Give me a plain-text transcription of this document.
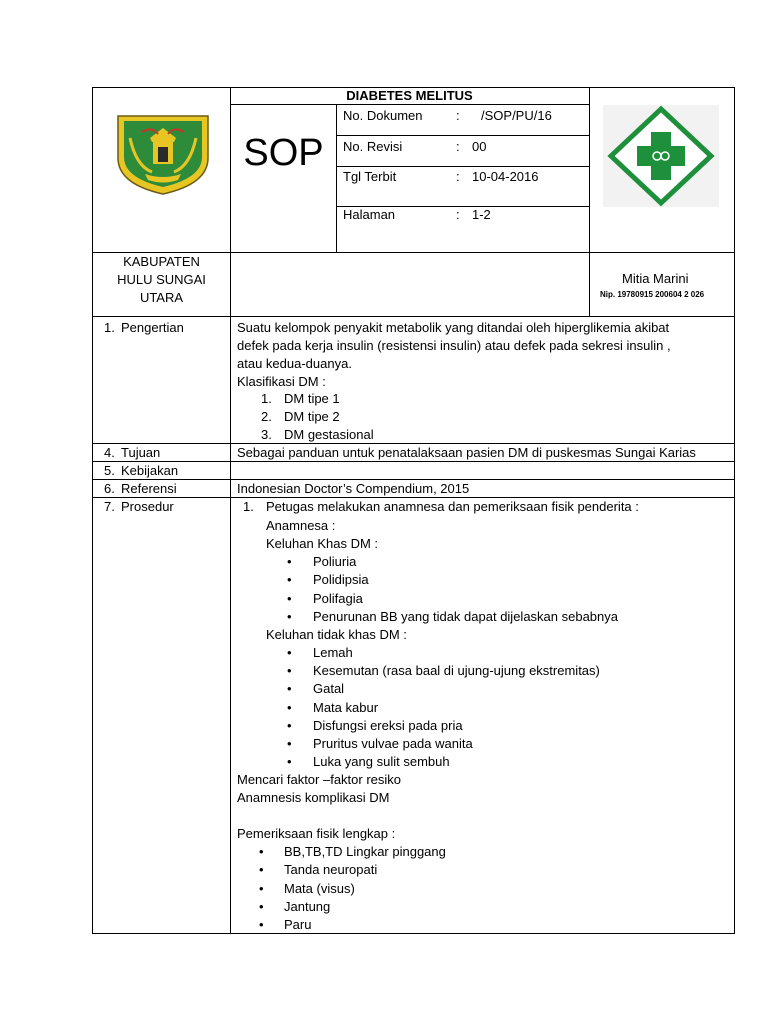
DIABETES MELITUS
SOP
No. Dokumen	: /SOP/PU/16
No. Revisi	: 00
Tgl Terbit	: 10-04-2016
Halaman	: 1-2
KABUPATEN
HULU SUNGAI
UTARA
Mitia Marini
Nip. 19780915 200604 2 026
1. Pengertian	Suatu kelompok penyakit metabolik yang ditandai oleh hiperglikemia akibat
defek pada kerja insulin (resistensi insulin) atau defek pada sekresi insulin ,
atau kedua-duanya.
Klasifikasi DM :
1. DM tipe 1
2. DM tipe 2
3. DM gestasional
4. Tujuan	Sebagai panduan untuk penatalaksaan pasien DM di puskesmas Sungai Karias
5. Kebijakan
6. Referensi	Indonesian Doctor’s Compendium, 2015
7. Prosedur	1. Petugas melakukan anamnesa dan pemeriksaan fisik penderita :
Anamnesa :
Keluhan Khas DM :
• Poliuria
• Polidipsia
• Polifagia
• Penurunan BB yang tidak dapat dijelaskan sebabnya
Keluhan tidak khas DM :
• Lemah
• Kesemutan (rasa baal di ujung-ujung ekstremitas)
• Gatal
• Mata kabur
• Disfungsi ereksi pada pria
• Pruritus vulvae pada wanita
• Luka yang sulit sembuh
Mencari faktor –faktor resiko
Anamnesis komplikasi DM
Pemeriksaan fisik lengkap :
• BB,TB,TD Lingkar pinggang
• Tanda neuropati
• Mata (visus)
• Jantung
• Paru
